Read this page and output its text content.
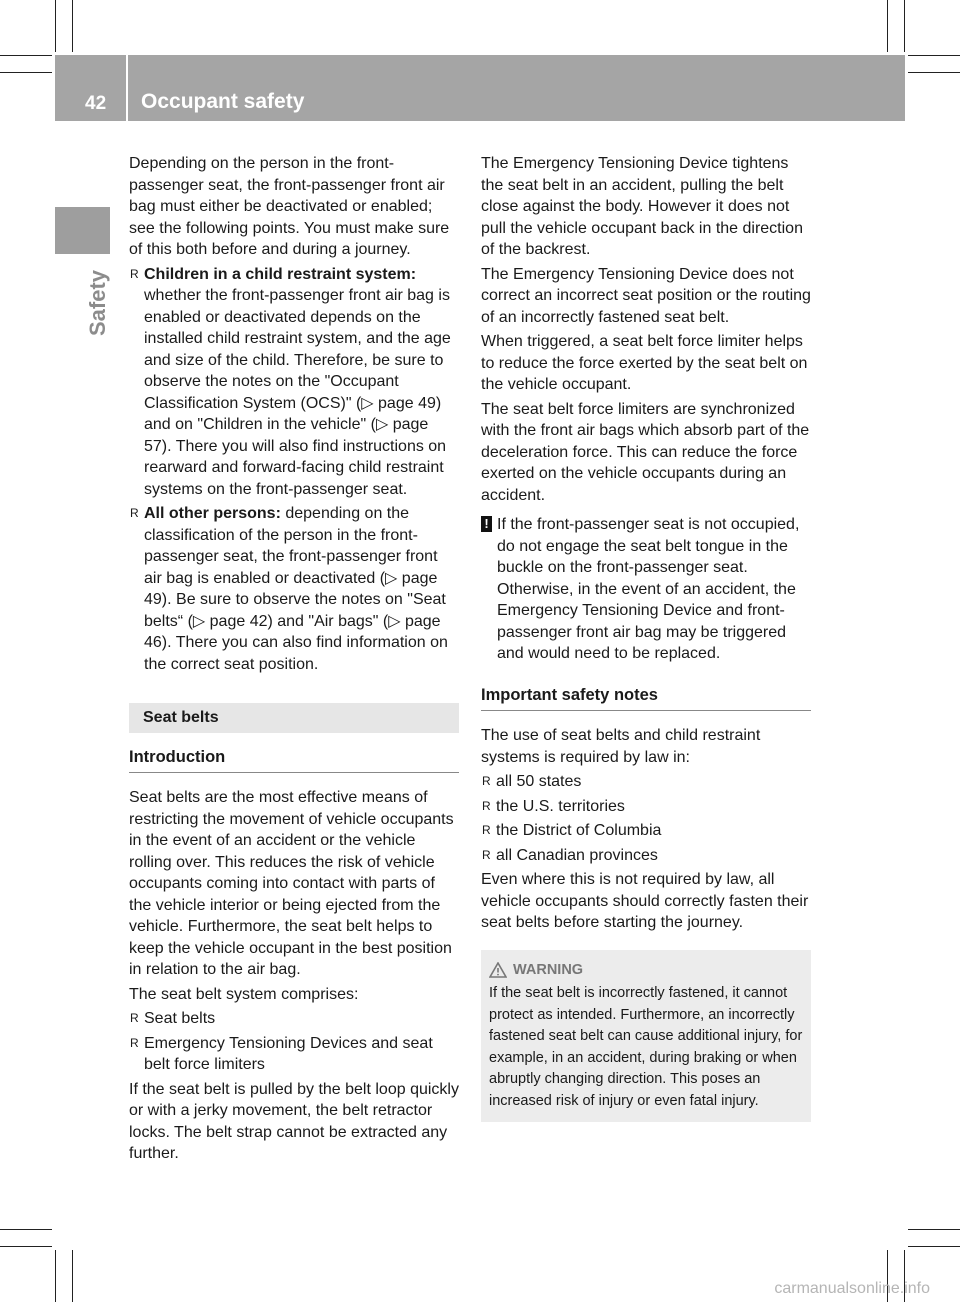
42 Occupant safety
Safety

Depending on the person in the front-passenger seat, the front-passenger front air bag must either be deactivated or enabled; see the following points. You must make sure of this both before and during a journey.

R Children in a child restraint system: whether the front-passenger front air bag is enabled or deactivated depends on the installed child restraint system, and the age and size of the child. Therefore, be sure to observe the notes on the "Occupant Classification System (OCS)" (▷ page 49) and on "Children in the vehicle" (▷ page 57). There you will also find instructions on rearward and forward-facing child restraint systems on the front-passenger seat.
R All other persons: depending on the classification of the person in the front-passenger seat, the front-passenger front air bag is enabled or deactivated (▷ page 49). Be sure to observe the notes on "Seat belts“ (▷ page 42) and "Air bags" (▷ page 46). There you can also find information on the correct seat position.
Seat belts
Introduction

Seat belts are the most effective means of restricting the movement of vehicle occupants in the event of an accident or the vehicle rolling over. This reduces the risk of vehicle occupants coming into contact with parts of the vehicle interior or being ejected from the vehicle. Furthermore, the seat belt helps to keep the vehicle occupant in the best position in relation to the air bag.

The seat belt system comprises:

R Seat belts
R Emergency Tensioning Devices and seat belt force limiters

If the seat belt is pulled by the belt loop quickly or with a jerky movement, the belt retractor locks. The belt strap cannot be extracted any further.

The Emergency Tensioning Device tightens the seat belt in an accident, pulling the belt close against the body. However it does not pull the vehicle occupant back in the direction of the backrest.

The Emergency Tensioning Device does not correct an incorrect seat position or the routing of an incorrectly fastened seat belt.

When triggered, a seat belt force limiter helps to reduce the force exerted by the seat belt on the vehicle occupant.

The seat belt force limiters are synchronized with the front air bags which absorb part of the deceleration force. This can reduce the force exerted on the vehicle occupants during an accident.

! If the front-passenger seat is not occupied, do not engage the seat belt tongue in the buckle on the front-passenger seat. Otherwise, in the event of an accident, the Emergency Tensioning Device and front-passenger front air bag may be triggered and would need to be replaced.
Important safety notes

The use of seat belts and child restraint systems is required by law in:

R all 50 states
R the U.S. territories
R the District of Columbia
R all Canadian provinces

Even where this is not required by law, all vehicle occupants should correctly fasten their seat belts before starting the journey.

WARNING
If the seat belt is incorrectly fastened, it cannot protect as intended. Furthermore, an incorrectly fastened seat belt can cause additional injury, for example, in an accident, during braking or when abruptly changing direction. This poses an increased risk of injury or even fatal injury.
carmanualsonline.info
